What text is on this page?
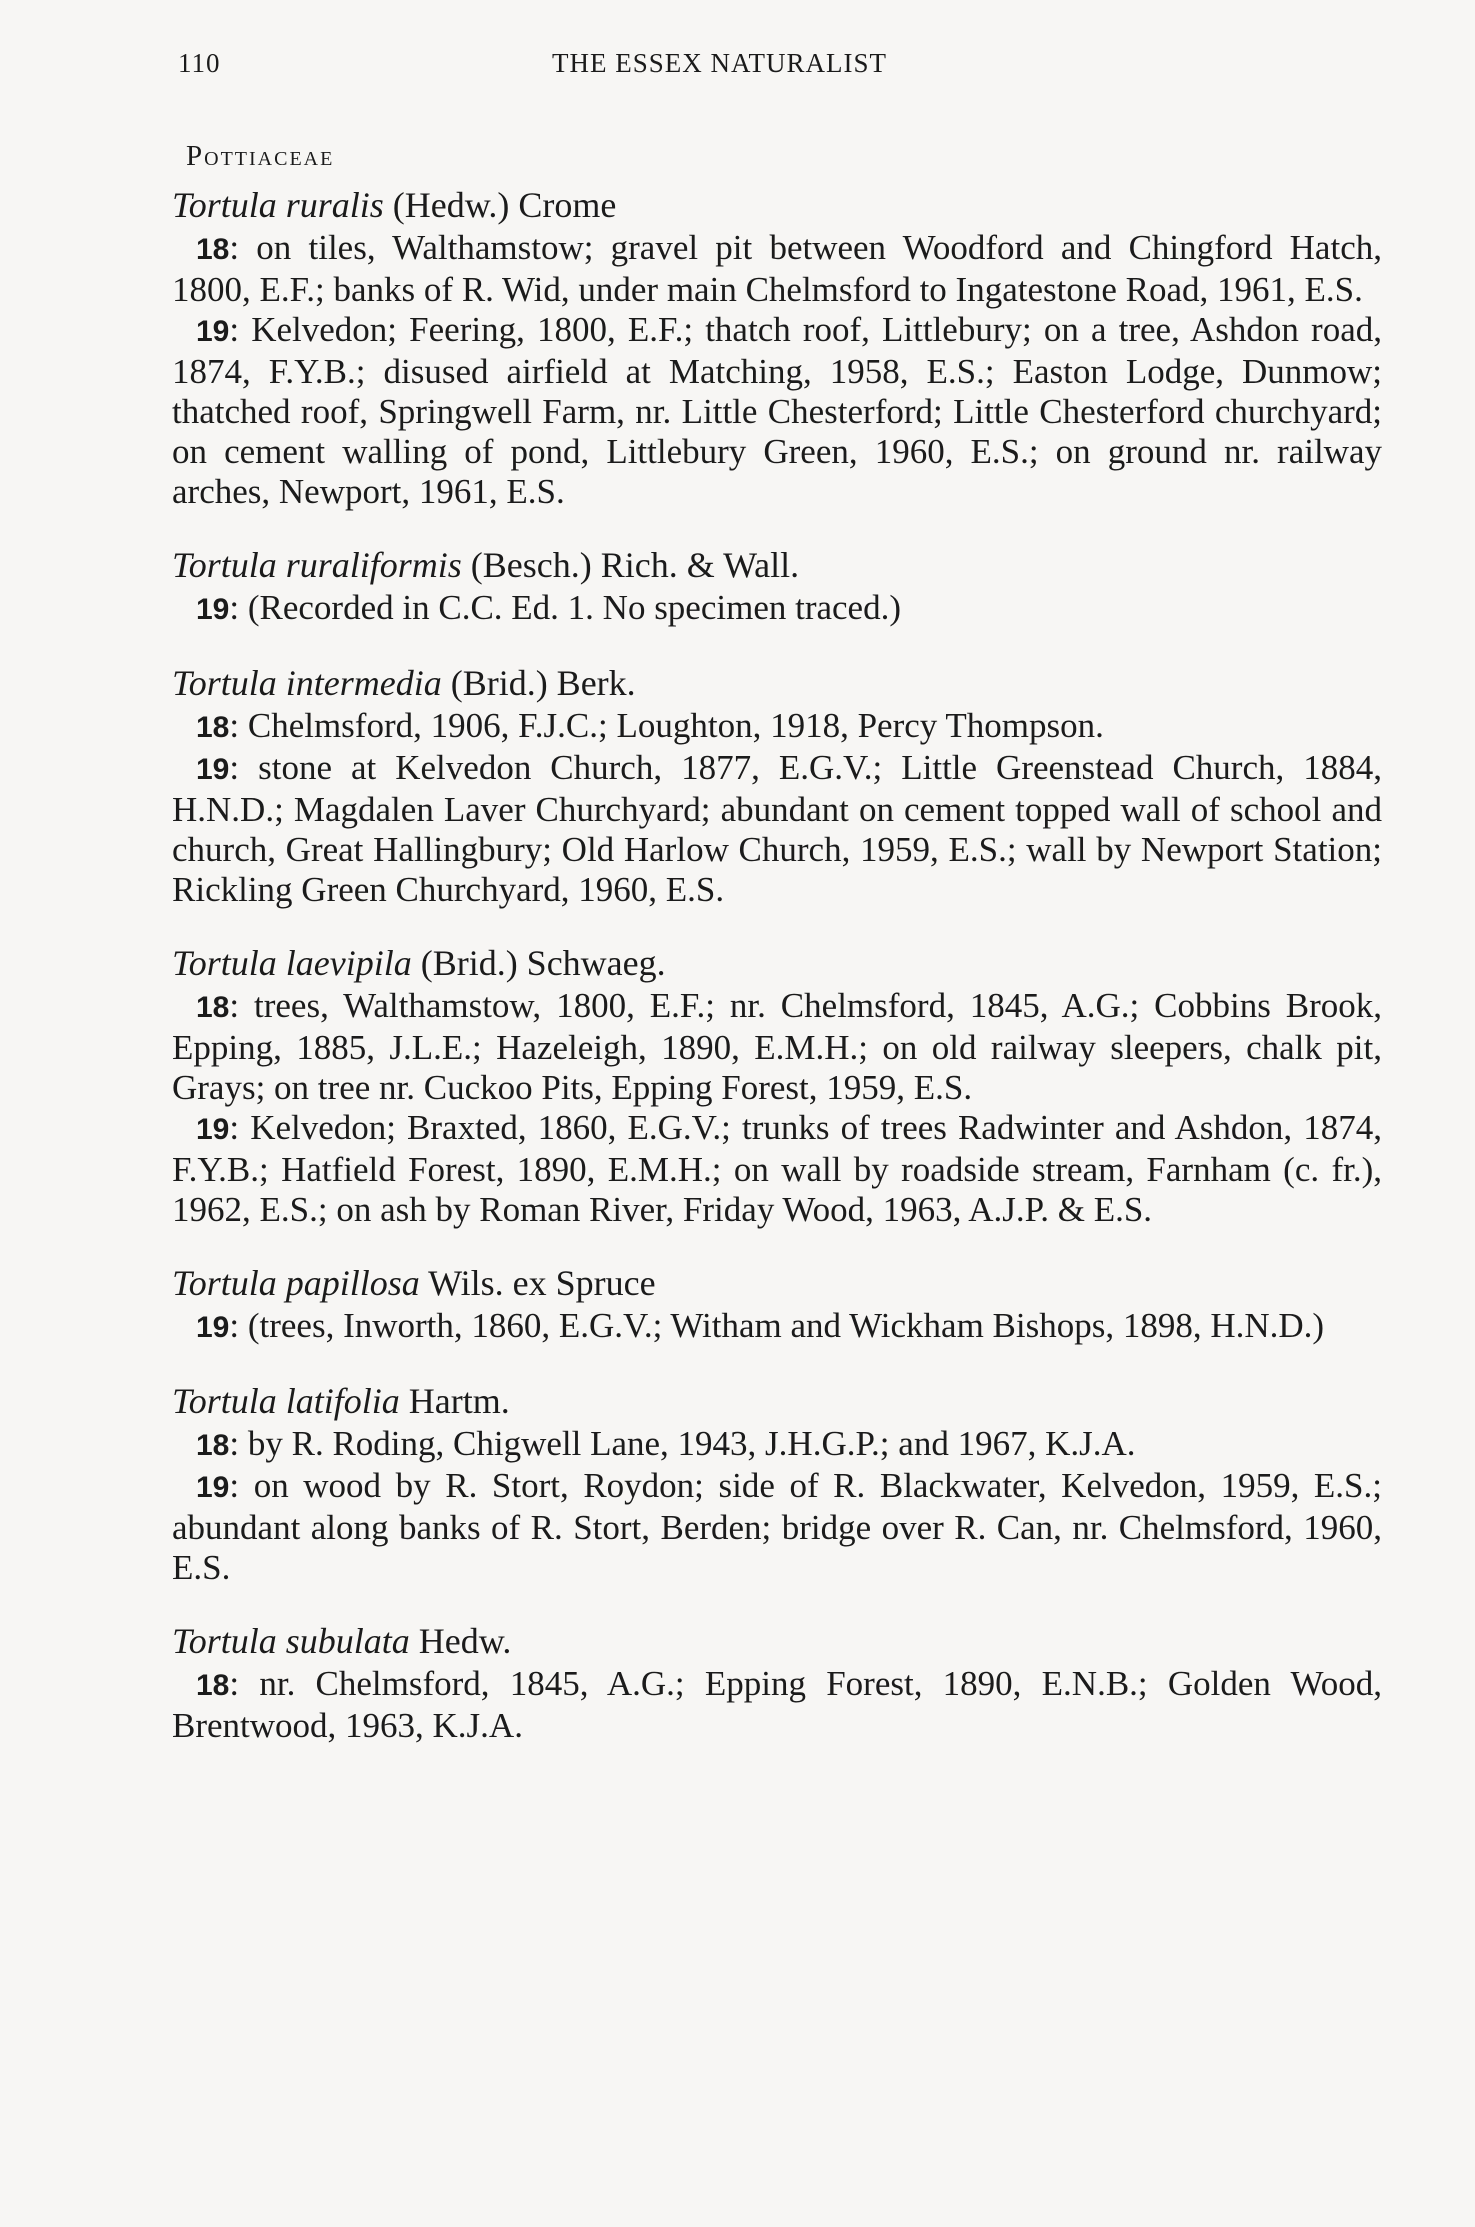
110	THE ESSEX NATURALIST
Pottiaceae
Tortula ruralis (Hedw.) Crome

18: on tiles, Walthamstow; gravel pit between Woodford and Chingford Hatch, 1800, E.F.; banks of R. Wid, under main Chelmsford to Ingatestone Road, 1961, E.S.

19: Kelvedon; Feering, 1800, E.F.; thatch roof, Littlebury; on a tree, Ashdon road, 1874, F.Y.B.; disused airfield at Matching, 1958, E.S.; Easton Lodge, Dunmow; thatched roof, Springwell Farm, nr. Little Chesterford; Little Chesterford churchyard; on cement walling of pond, Littlebury Green, 1960, E.S.; on ground nr. railway arches, Newport, 1961, E.S.

Tortula ruraliformis (Besch.) Rich. & Wall.

19: (Recorded in C.C. Ed. 1. No specimen traced.)

Tortula intermedia (Brid.) Berk.

18: Chelmsford, 1906, F.J.C.; Loughton, 1918, Percy Thompson.

19: stone at Kelvedon Church, 1877, E.G.V.; Little Greenstead Church, 1884, H.N.D.; Magdalen Laver Churchyard; abundant on cement topped wall of school and church, Great Hallingbury; Old Harlow Church, 1959, E.S.; wall by Newport Station; Rickling Green Churchyard, 1960, E.S.

Tortula laevipila (Brid.) Schwaeg.

18: trees, Walthamstow, 1800, E.F.; nr. Chelmsford, 1845, A.G.; Cobbins Brook, Epping, 1885, J.L.E.; Hazeleigh, 1890, E.M.H.; on old railway sleepers, chalk pit, Grays; on tree nr. Cuckoo Pits, Epping Forest, 1959, E.S.

19: Kelvedon; Braxted, 1860, E.G.V.; trunks of trees Radwinter and Ashdon, 1874, F.Y.B.; Hatfield Forest, 1890, E.M.H.; on wall by roadside stream, Farnham (c. fr.), 1962, E.S.; on ash by Roman River, Friday Wood, 1963, A.J.P. & E.S.

Tortula papillosa Wils. ex Spruce

19: (trees, Inworth, 1860, E.G.V.; Witham and Wickham Bishops, 1898, H.N.D.)

Tortula latifolia Hartm.

18: by R. Roding, Chigwell Lane, 1943, J.H.G.P.; and 1967, K.J.A.

19: on wood by R. Stort, Roydon; side of R. Blackwater, Kelvedon, 1959, E.S.; abundant along banks of R. Stort, Berden; bridge over R. Can, nr. Chelmsford, 1960, E.S.

Tortula subulata Hedw.

18: nr. Chelmsford, 1845, A.G.; Epping Forest, 1890, E.N.B.; Golden Wood, Brentwood, 1963, K.J.A.
